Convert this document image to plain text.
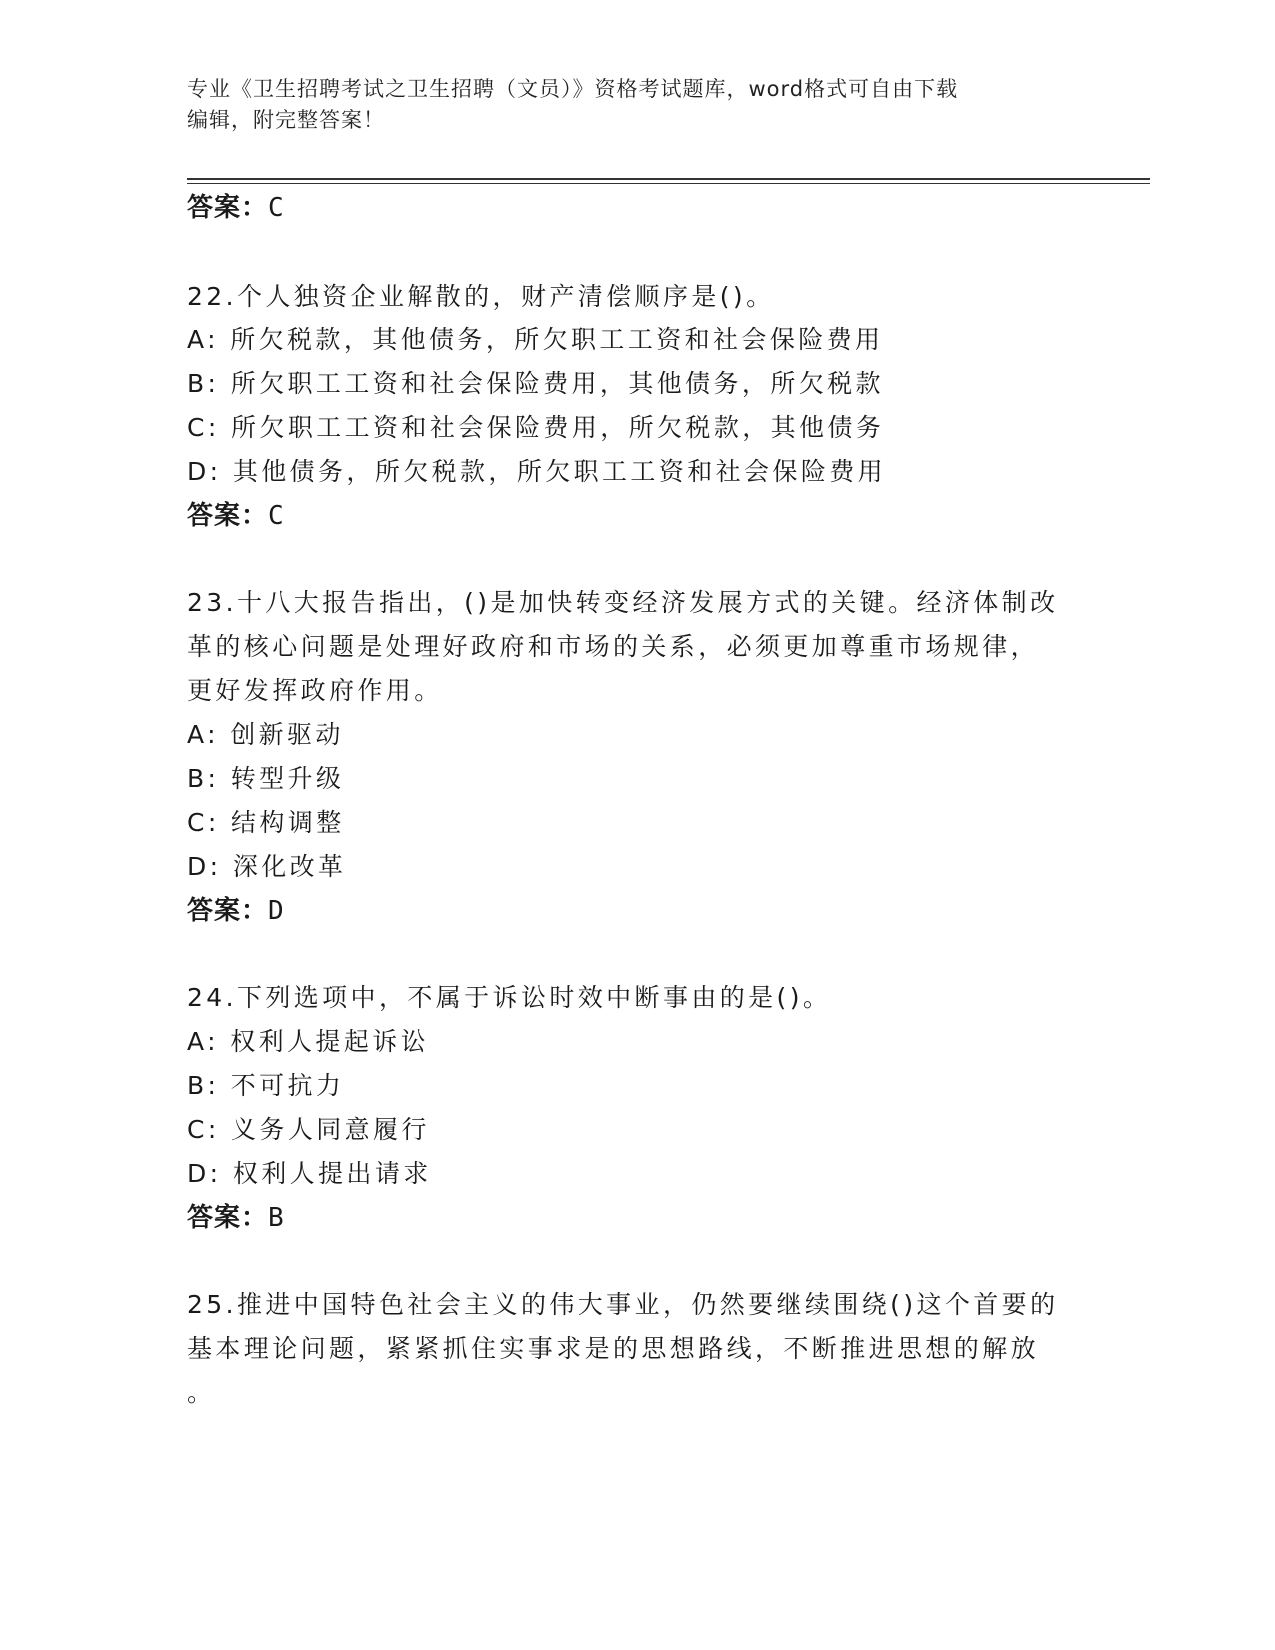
专业《卫生招聘考试之卫生招聘（文员）》资格考试题库，word格式可自由下载
编辑，附完整答案！
答案：C
22.个人独资企业解散的，财产清偿顺序是()。
A: 所欠税款，其他债务，所欠职工工资和社会保险费用
B: 所欠职工工资和社会保险费用，其他债务，所欠税款
C: 所欠职工工资和社会保险费用，所欠税款，其他债务
D: 其他债务，所欠税款，所欠职工工资和社会保险费用
答案：C
23.十八大报告指出，()是加快转变经济发展方式的关键。经济体制改
革的核心问题是处理好政府和市场的关系，必须更加尊重市场规律，
更好发挥政府作用。
A: 创新驱动
B: 转型升级
C: 结构调整
D: 深化改革
答案：D
24.下列选项中，不属于诉讼时效中断事由的是()。
A: 权利人提起诉讼
B: 不可抗力
C: 义务人同意履行
D: 权利人提出请求
答案：B
25.推进中国特色社会主义的伟大事业，仍然要继续围绕()这个首要的
基本理论问题，紧紧抓住实事求是的思想路线，不断推进思想的解放
。
